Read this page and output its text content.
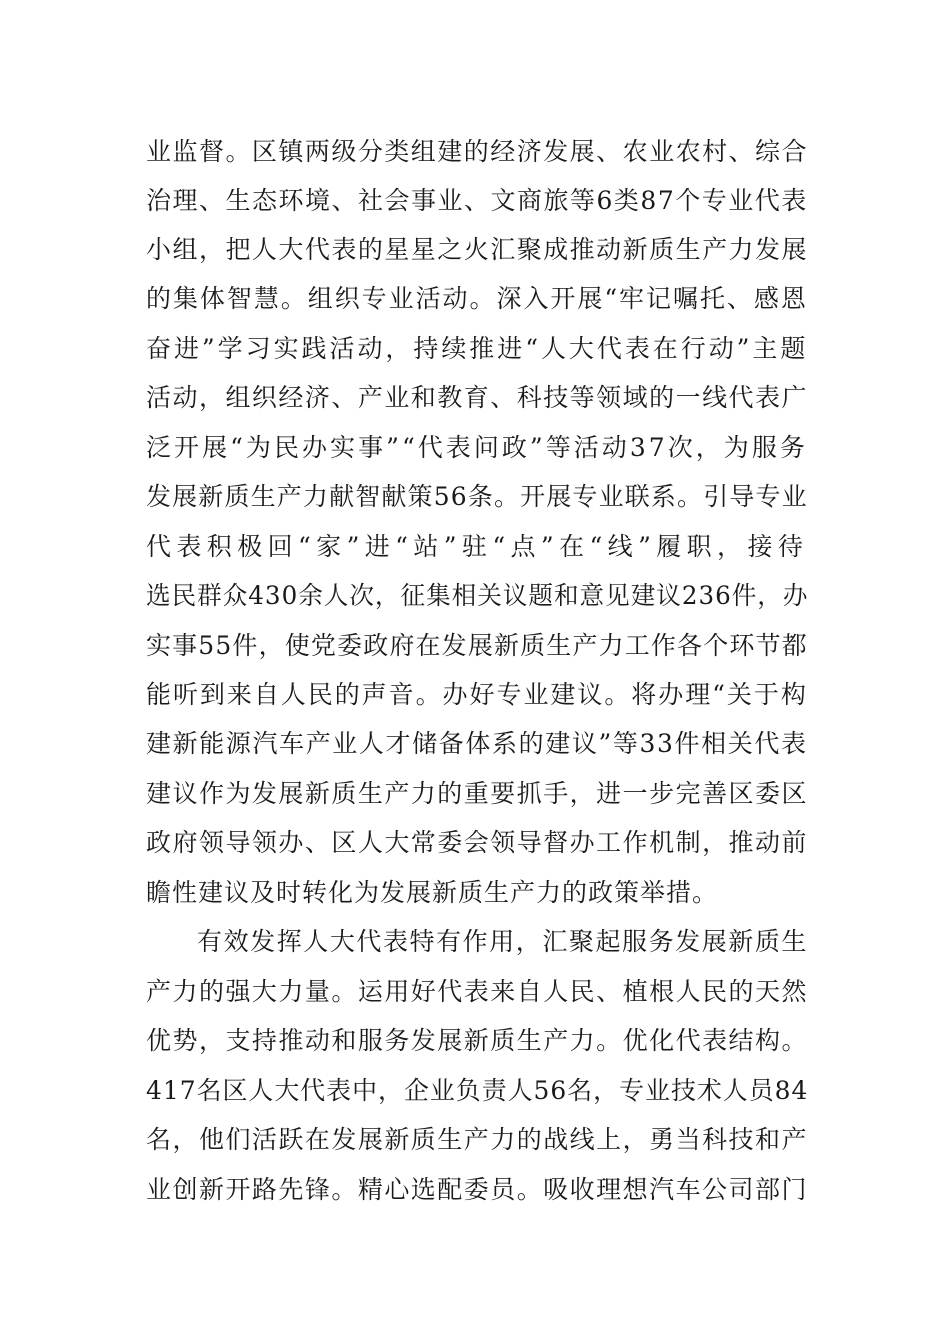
业监督。区镇两级分类组建的经济发展、农业农村、综合
治理、生态环境、社会事业、文商旅等6类87个专业代表
小组，把人大代表的星星之火汇聚成推动新质生产力发展
的集体智慧。组织专业活动。深入开展“牢记嘱托、感恩
奋进”学习实践活动，持续推进“人大代表在行动”主题
活动，组织经济、产业和教育、科技等领域的一线代表广
泛开展“为民办实事”“代表问政”等活动37次，为服务
发展新质生产力献智献策56条。开展专业联系。引导专业
代表积极回“家”进“站”驻“点”在“线”履职，接待
选民群众430余人次，征集相关议题和意见建议236件，办
实事55件，使党委政府在发展新质生产力工作各个环节都
能听到来自人民的声音。办好专业建议。将办理“关于构
建新能源汽车产业人才储备体系的建议”等33件相关代表
建议作为发展新质生产力的重要抓手，进一步完善区委区
政府领导领办、区人大常委会领导督办工作机制，推动前
瞻性建议及时转化为发展新质生产力的政策举措。
有效发挥人大代表特有作用，汇聚起服务发展新质生
产力的强大力量。运用好代表来自人民、植根人民的天然
优势，支持推动和服务发展新质生产力。优化代表结构。
417名区人大代表中，企业负责人56名，专业技术人员84
名，他们活跃在发展新质生产力的战线上，勇当科技和产
业创新开路先锋。精心选配委员。吸收理想汽车公司部门
